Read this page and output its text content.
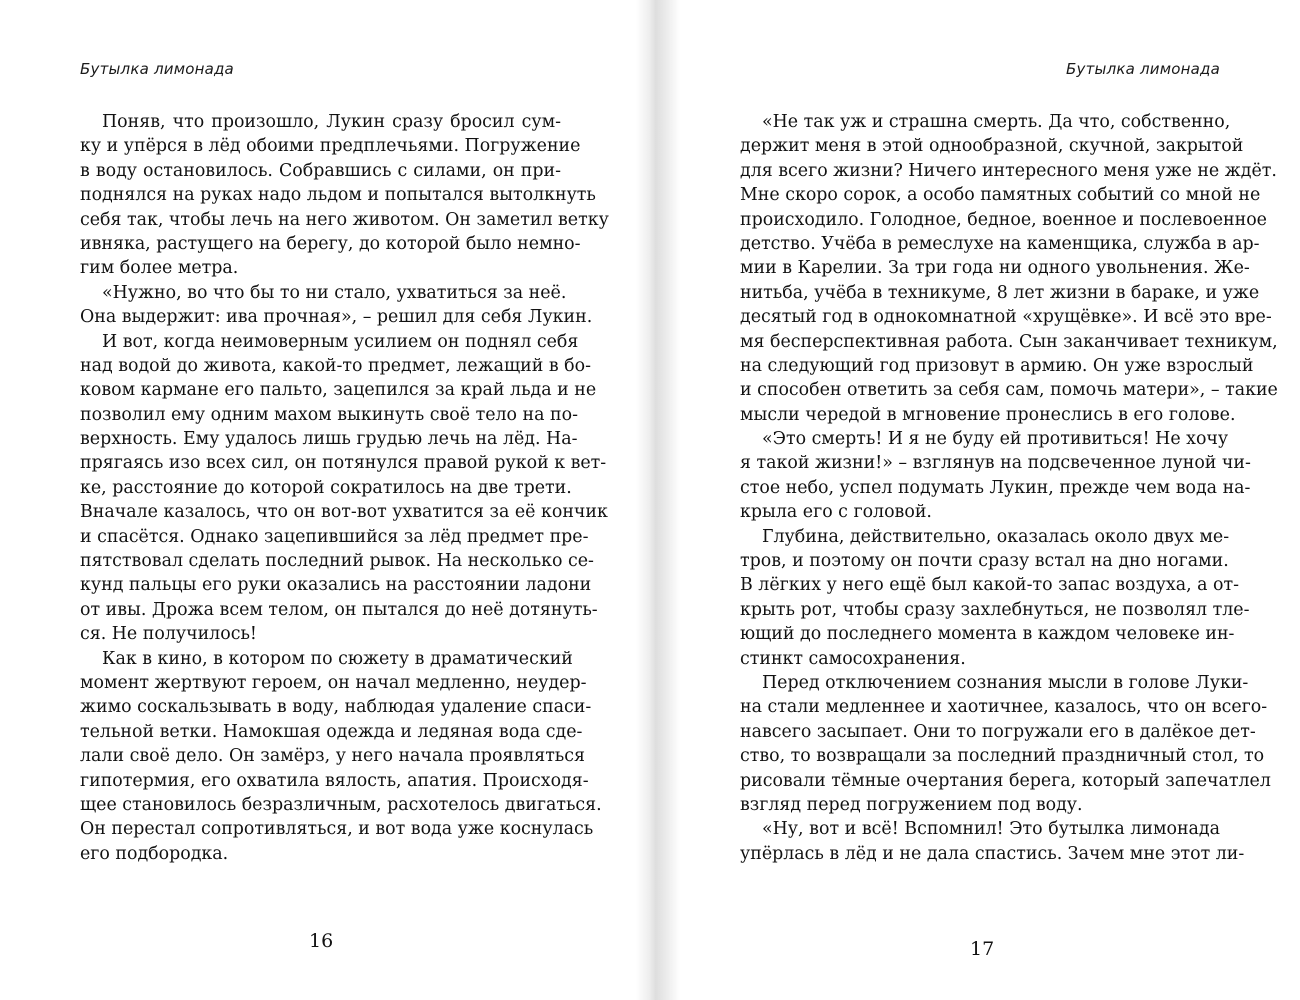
Бутылка лимонада
Поняв, что произошло, Лукин сразу бросил сум-
ку и упёрся в лёд обоими предплечьями. Погружение
в воду остановилось. Собравшись с силами, он при-
поднялся на руках надо льдом и попытался вытолкнуть
себя так, чтобы лечь на него животом. Он заметил ветку
ивняка, растущего на берегу, до которой было немно-
гим более метра.
«Нужно, во что бы то ни стало, ухватиться за неё.
Она выдержит: ива прочная», – решил для себя Лукин.
И вот, когда неимоверным усилием он поднял себя
над водой до живота, какой-то предмет, лежащий в бо-
ковом кармане его пальто, зацепился за край льда и не
позволил ему одним махом выкинуть своё тело на по-
верхность. Ему удалось лишь грудью лечь на лёд. На-
прягаясь изо всех сил, он потянулся правой рукой к вет-
ке, расстояние до которой сократилось на две трети.
Вначале казалось, что он вот-вот ухватится за её кончик
и спасётся. Однако зацепившийся за лёд предмет пре-
пятствовал сделать последний рывок. На несколько се-
кунд пальцы его руки оказались на расстоянии ладони
от ивы. Дрожа всем телом, он пытался до неё дотянуть-
ся. Не получилось!
Как в кино, в котором по сюжету в драматический
момент жертвуют героем, он начал медленно, неудер-
жимо соскальзывать в воду, наблюдая удаление спаси-
тельной ветки. Намокшая одежда и ледяная вода сде-
лали своё дело. Он замёрз, у него начала проявляться
гипотермия, его охватила вялость, апатия. Происходя-
щее становилось безразличным, расхотелось двигаться.
Он перестал сопротивляться, и вот вода уже коснулась
его подбородка.
16
Бутылка лимонада
«Не так уж и страшна смерть. Да что, собственно,
держит меня в этой однообразной, скучной, закрытой
для всего жизни? Ничего интересного меня уже не ждёт.
Мне скоро сорок, а особо памятных событий со мной не
происходило. Голодное, бедное, военное и послевоенное
детство. Учёба в ремеслухе на каменщика, служба в ар-
мии в Карелии. За три года ни одного увольнения. Же-
нитьба, учёба в техникуме, 8 лет жизни в бараке, и уже
десятый год в однокомнатной «хрущёвке». И всё это вре-
мя бесперспективная работа. Сын заканчивает техникум,
на следующий год призовут в армию. Он уже взрослый
и способен ответить за себя сам, помочь матери», – такие
мысли чередой в мгновение пронеслись в его голове.
«Это смерть! И я не буду ей противиться! Не хочу
я такой жизни!» – взглянув на подсвеченное луной чи-
стое небо, успел подумать Лукин, прежде чем вода на-
крыла его с головой.
Глубина, действительно, оказалась около двух ме-
тров, и поэтому он почти сразу встал на дно ногами.
В лёгких у него ещё был какой-то запас воздуха, а от-
крыть рот, чтобы сразу захлебнуться, не позволял тле-
ющий до последнего момента в каждом человеке ин-
стинкт самосохранения.
Перед отключением сознания мысли в голове Луки-
на стали медленнее и хаотичнее, казалось, что он всего-
навсего засыпает. Они то погружали его в далёкое дет-
ство, то возвращали за последний праздничный стол, то
рисовали тёмные очертания берега, который запечатлел
взгляд перед погружением под воду.
«Ну, вот и всё! Вспомнил! Это бутылка лимонада
упёрлась в лёд и не дала спастись. Зачем мне этот ли-
17
